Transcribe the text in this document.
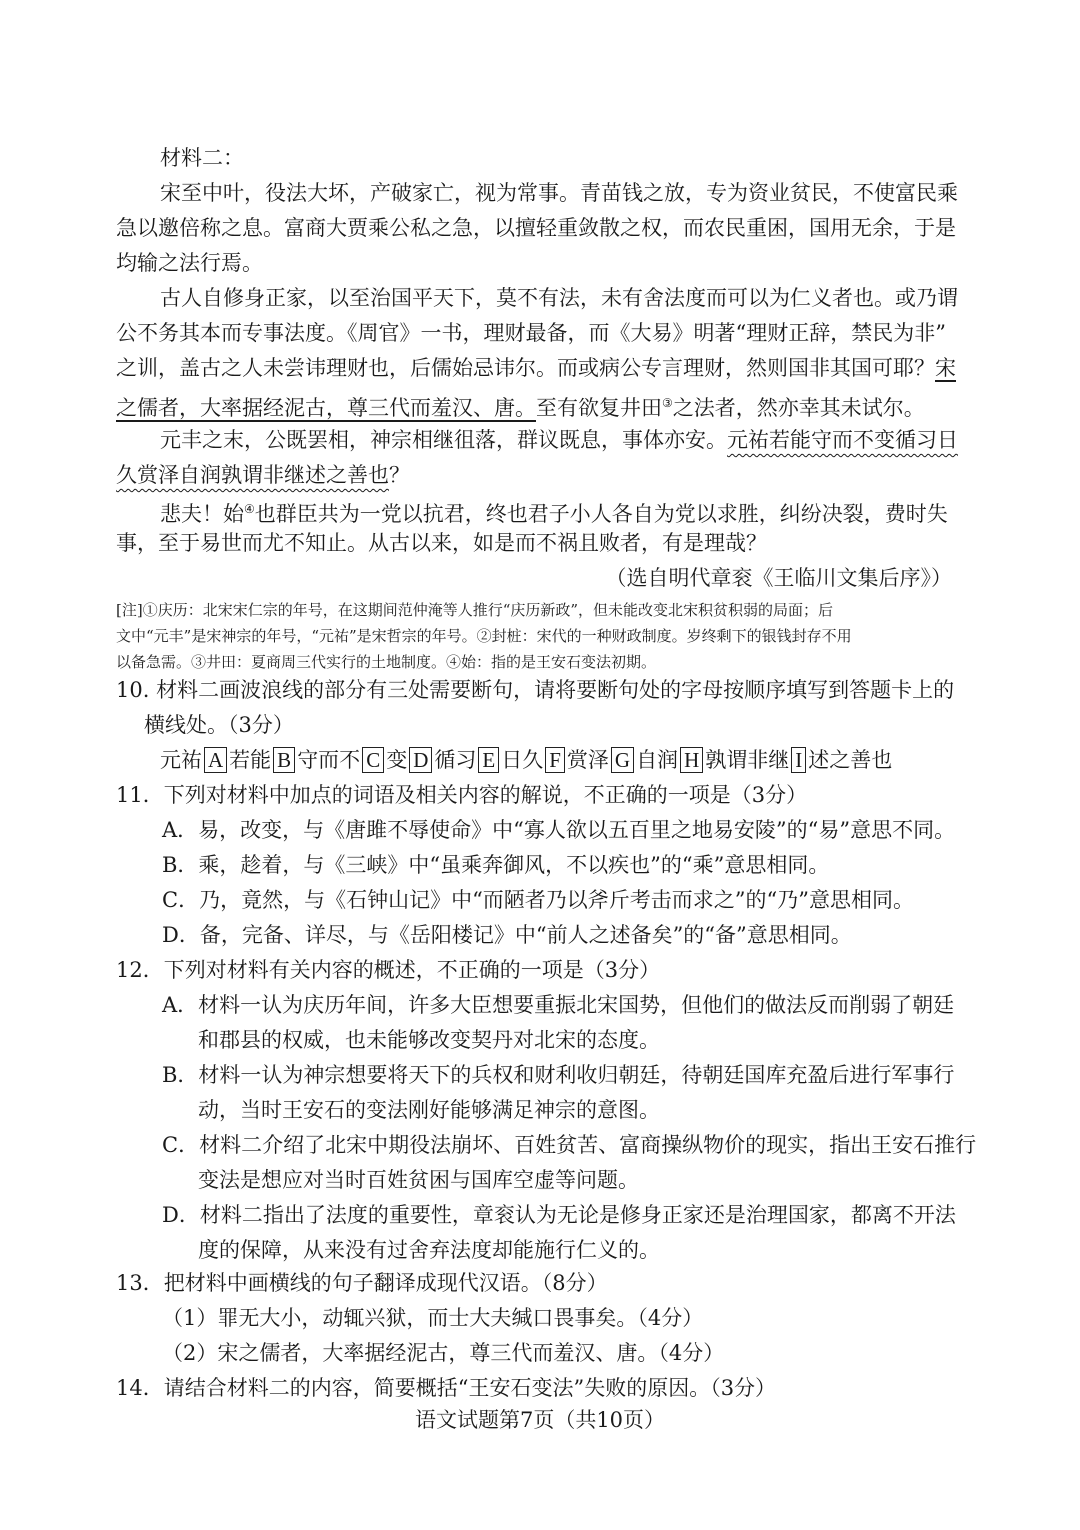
材料二：
宋至中叶，役法大坏，产破家亡，视为常事。青苗钱之放，专为资业贫民，不使富民乘
急以邀倍称之息。富商大贾乘公私之急，以擅轻重敛散之权，而农民重困，国用无余，于是
均输之法行焉。
古人自修身正家，以至治国平天下，莫不有法，未有舍法度而可以为仁义者也。或乃谓
公不务其本而专事法度。《周官》一书，理财最备，而《大易》明著“理财正辞，禁民为非”
之训，盖古之人未尝讳理财也，后儒始忌讳尔。而或病公专言理财，然则国非其国可耶？宋
之儒者，大率据经泥古，尊三代而羞汉、唐。至有欲复井田③之法者，然亦幸其未试尔。
元丰之末，公既罢相，神宗相继徂落，群议既息，事体亦安。元祐若能守而不变循习日
久赏泽自润孰谓非继述之善也？
悲夫！始④也群臣共为一党以抗君，终也君子小人各自为党以求胜，纠纷决裂，费时失
事，至于易世而尤不知止。从古以来，如是而不祸且败者，有是理哉？
（选自明代章衮《王临川文集后序》）
[注]①庆历：北宋宋仁宗的年号，在这期间范仲淹等人推行“庆历新政”，但未能改变北宋积贫积弱的局面；后
文中“元丰”是宋神宗的年号，“元祐”是宋哲宗的年号。②封桩：宋代的一种财政制度。岁终剩下的银钱封存不用
以备急需。③井田：夏商周三代实行的土地制度。④始：指的是王安石变法初期。
10. 材料二画波浪线的部分有三处需要断句，请将要断句处的字母按顺序填写到答题卡上的
横线处。（3分）
元祐 A 若能 B 守而不 C 变 D 循习 E 日久 F 赏泽 G 自润 H 孰谓非继 I 述之善也
11．下列对材料中加点的词语及相关内容的解说，不正确的一项是（3分）
A．易，改变，与《唐雎不辱使命》中“寡人欲以五百里之地易安陵”的“易”意思不同。
B．乘，趁着，与《三峡》中“虽乘奔御风，不以疾也”的“乘”意思相同。
C．乃，竟然，与《石钟山记》中“而陋者乃以斧斤考击而求之”的“乃”意思相同。
D．备，完备、详尽，与《岳阳楼记》中“前人之述备矣”的“备”意思相同。
12．下列对材料有关内容的概述，不正确的一项是（3分）
A．材料一认为庆历年间，许多大臣想要重振北宋国势，但他们的做法反而削弱了朝廷
和郡县的权威，也未能够改变契丹对北宋的态度。
B．材料一认为神宗想要将天下的兵权和财利收归朝廷，待朝廷国库充盈后进行军事行
动，当时王安石的变法刚好能够满足神宗的意图。
C．材料二介绍了北宋中期役法崩坏、百姓贫苦、富商操纵物价的现实，指出王安石推行
变法是想应对当时百姓贫困与国库空虚等问题。
D．材料二指出了法度的重要性，章衮认为无论是修身正家还是治理国家，都离不开法
度的保障，从来没有过舍弃法度却能施行仁义的。
13．把材料中画横线的句子翻译成现代汉语。（8分）
（1）罪无大小，动辄兴狱，而士大夫缄口畏事矣。（4分）
（2）宋之儒者，大率据经泥古，尊三代而羞汉、唐。（4分）
14．请结合材料二的内容，简要概括“王安石变法”失败的原因。（3分）
语文试题第7页（共10页）
